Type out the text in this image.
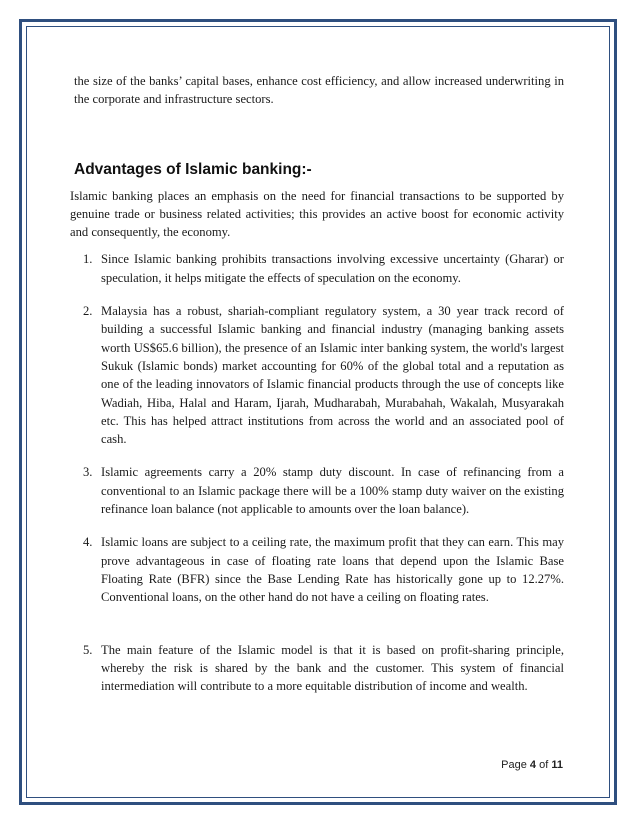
the size of the banks’ capital bases, enhance cost efficiency, and allow increased underwriting in the corporate and infrastructure sectors.

Advantages of Islamic banking:-

Islamic banking places an emphasis on the need for financial transactions to be supported by genuine trade or business related activities; this provides an active boost for economic activity and consequently, the economy.

1. Since Islamic banking prohibits transactions involving excessive uncertainty (Gharar) or speculation, it helps mitigate the effects of speculation on the economy.

2. Malaysia has a robust, shariah-compliant regulatory system, a 30 year track record of building a successful Islamic banking and financial industry (managing banking assets worth US$65.6 billion), the presence of an Islamic inter banking system, the world's largest Sukuk (Islamic bonds) market accounting for 60% of the global total and a reputation as one of the leading innovators of Islamic financial products through the use of concepts like Wadiah, Hiba, Halal and Haram, Ijarah, Mudharabah, Murabahah, Wakalah, Musyarakah etc. This has helped attract institutions from across the world and an associated pool of cash.

3. Islamic agreements carry a 20% stamp duty discount. In case of refinancing from a conventional to an Islamic package there will be a 100% stamp duty waiver on the existing refinance loan balance (not applicable to amounts over the loan balance).

4. Islamic loans are subject to a ceiling rate, the maximum profit that they can earn. This may prove advantageous in case of floating rate loans that depend upon the Islamic Base Floating Rate (BFR) since the Base Lending Rate has historically gone up to 12.27%. Conventional loans, on the other hand do not have a ceiling on floating rates.

5. The main feature of the Islamic model is that it is based on profit-sharing principle, whereby the risk is shared by the bank and the customer. This system of financial intermediation will contribute to a more equitable distribution of income and wealth.

Page 4 of 11
